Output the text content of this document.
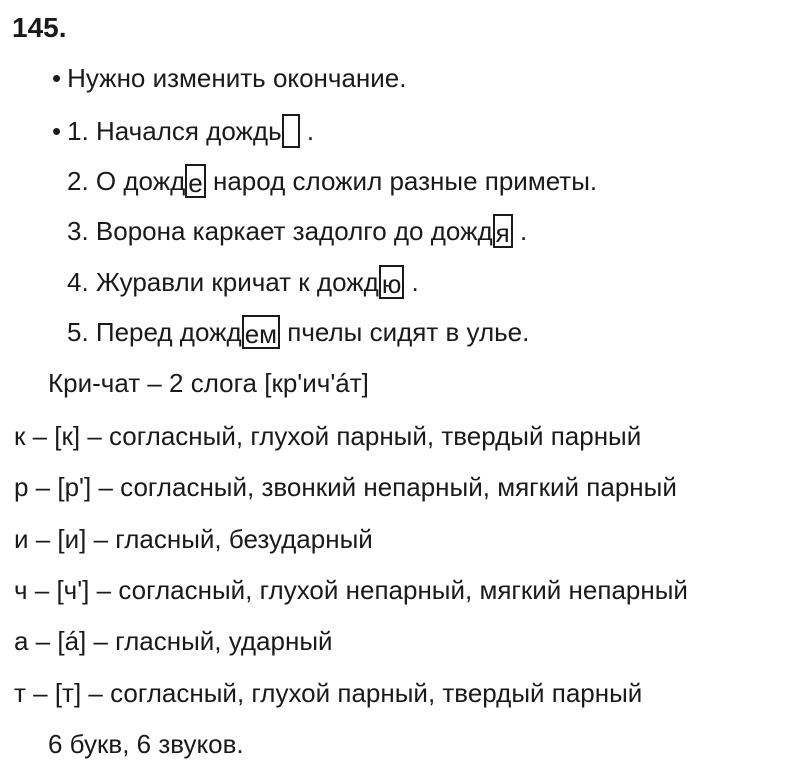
145.
• Нужно изменить окончание.
• 1. Начался дождь .
2. О дожд е народ сложил разные приметы.
3. Ворона каркает задолго до дожд я .
4. Журавли кричат к дожд ю .
5. Перед дожд ем пчелы сидят в улье.
Кри-чат – 2 слога [кр'ич'áт]
к – [к] – согласный, глухой парный, твердый парный
р – [р'] – согласный, звонкий непарный, мягкий парный
и – [и] – гласный, безударный
ч – [ч'] – согласный, глухой непарный, мягкий непарный
а – [á] – гласный, ударный
т – [т] – согласный, глухой парный, твердый парный
6 букв, 6 звуков.
